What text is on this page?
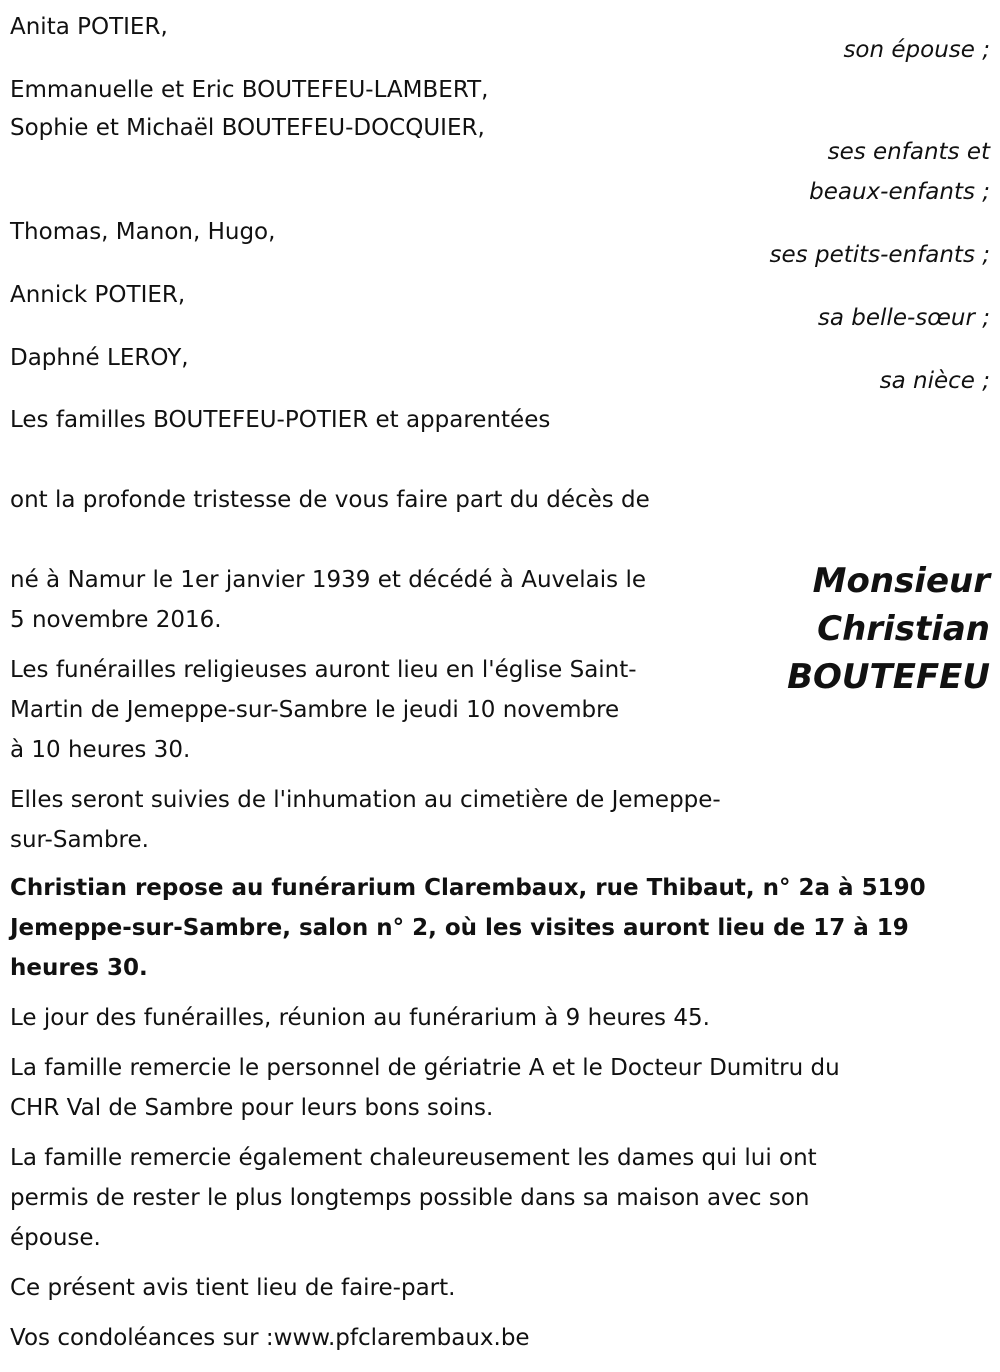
Anita POTIER,
son épouse ;
Emmanuelle et Eric BOUTEFEU-LAMBERT,
Sophie et Michaël BOUTEFEU-DOCQUIER,
ses enfants et
beaux-enfants ;
Thomas, Manon, Hugo,
ses petits-enfants ;
Annick POTIER,
sa belle-sœur ;
Daphné LEROY,
sa nièce ;
Les familles BOUTEFEU-POTIER et apparentées
ont la profonde tristesse de vous faire part du décès de
Monsieur
Christian
BOUTEFEU
né à Namur le 1er janvier 1939 et décédé à Auvelais le
5 novembre 2016.
Les funérailles religieuses auront lieu en l'église Saint-
Martin de Jemeppe-sur-Sambre le jeudi 10 novembre
à 10 heures 30.
Elles seront suivies de l'inhumation au cimetière de Jemeppe-
sur-Sambre.
Christian repose au funérarium Clarembaux, rue Thibaut, n° 2a à 5190
Jemeppe-sur-Sambre, salon n° 2, où les visites auront lieu de 17 à 19
heures 30.
Le jour des funérailles, réunion au funérarium à 9 heures 45.
La famille remercie le personnel de gériatrie A et le Docteur Dumitru du
CHR Val de Sambre pour leurs bons soins.
La famille remercie également chaleureusement les dames qui lui ont
permis de rester le plus longtemps possible dans sa maison avec son
épouse.
Ce présent avis tient lieu de faire-part.
Vos condoléances sur :www.pfclarembaux.be
